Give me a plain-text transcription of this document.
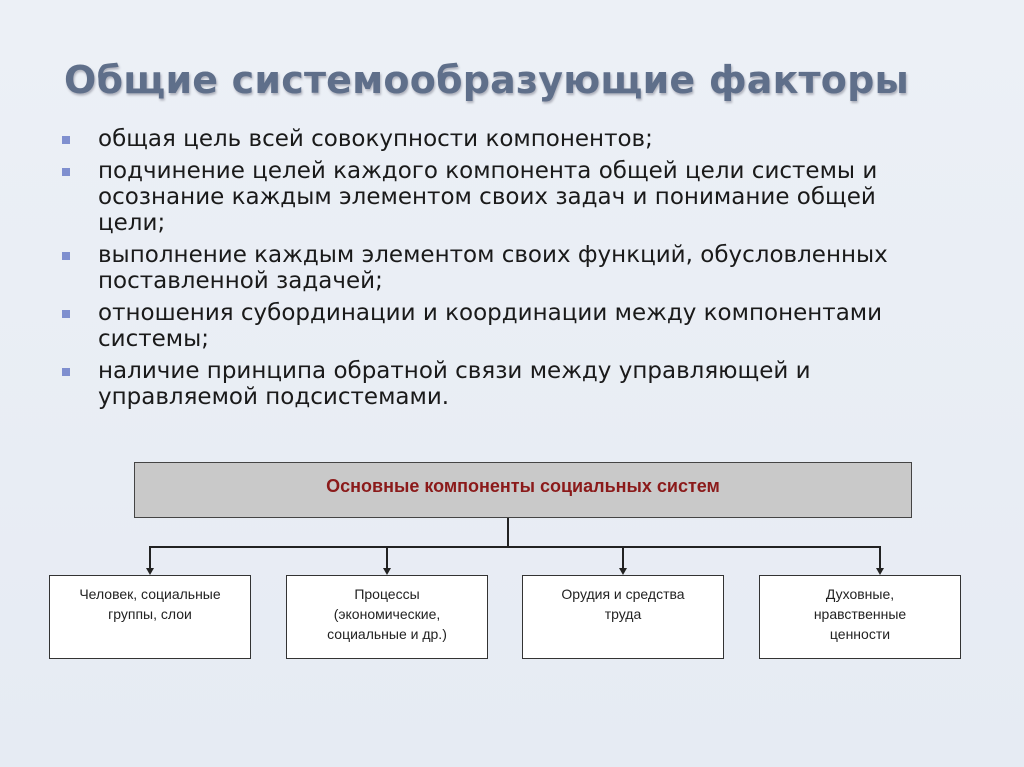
Общие системообразующие факторы
общая цель всей совокупности компонентов;
подчинение целей каждого компонента общей цели системы и
осознание каждым элементом своих задач и понимание общей
цели;
выполнение каждым элементом своих функций, обусловленных
поставленной задачей;
отношения субординации и координации между компонентами
системы;
наличие принципа обратной связи между управляющей и
управляемой подсистемами.
Основные компоненты социальных систем
Человек, социальные
группы, слои
Процессы
(экономические,
социальные и др.)
Орудия и средства
труда
Духовные,
нравственные
ценности
